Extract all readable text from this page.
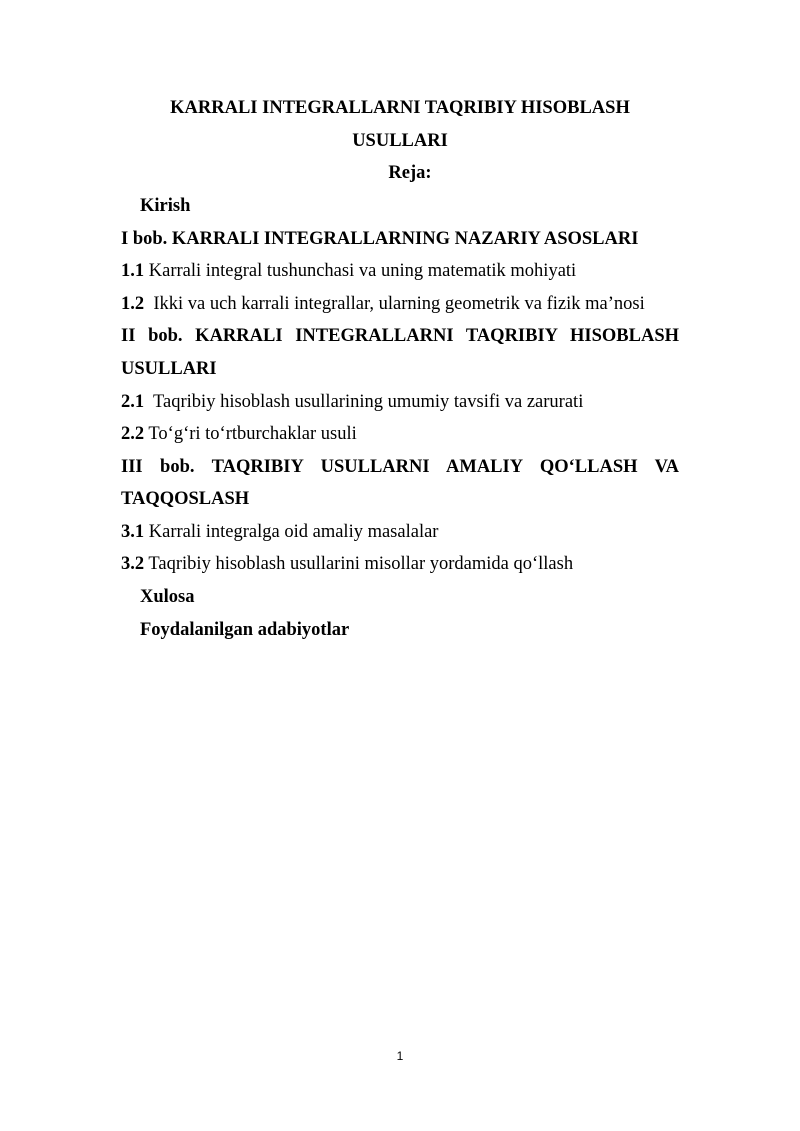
KARRALI INTEGRALLARNI TAQRIBIY HISOBLASH
USULLARI
Reja:
Kirish
I bob. KARRALI INTEGRALLARNING NAZARIY ASOSLARI
1.1 Karrali integral tushunchasi va uning matematik mohiyati
1.2  Ikki va uch karrali integrallar, ularning geometrik va fizik ma’nosi
II bob. KARRALI INTEGRALLARNI TAQRIBIY HISOBLASH
USULLARI
2.1  Taqribiy hisoblash usullarining umumiy tavsifi va zarurati
2.2 To‘g‘ri to‘rtburchaklar usuli
III bob. TAQRIBIY USULLARNI AMALIY QO‘LLASH VA
TAQQOSLASH
3.1 Karrali integralga oid amaliy masalalar
3.2 Taqribiy hisoblash usullarini misollar yordamida qo‘llash
Xulosa
Foydalanilgan adabiyotlar
1
